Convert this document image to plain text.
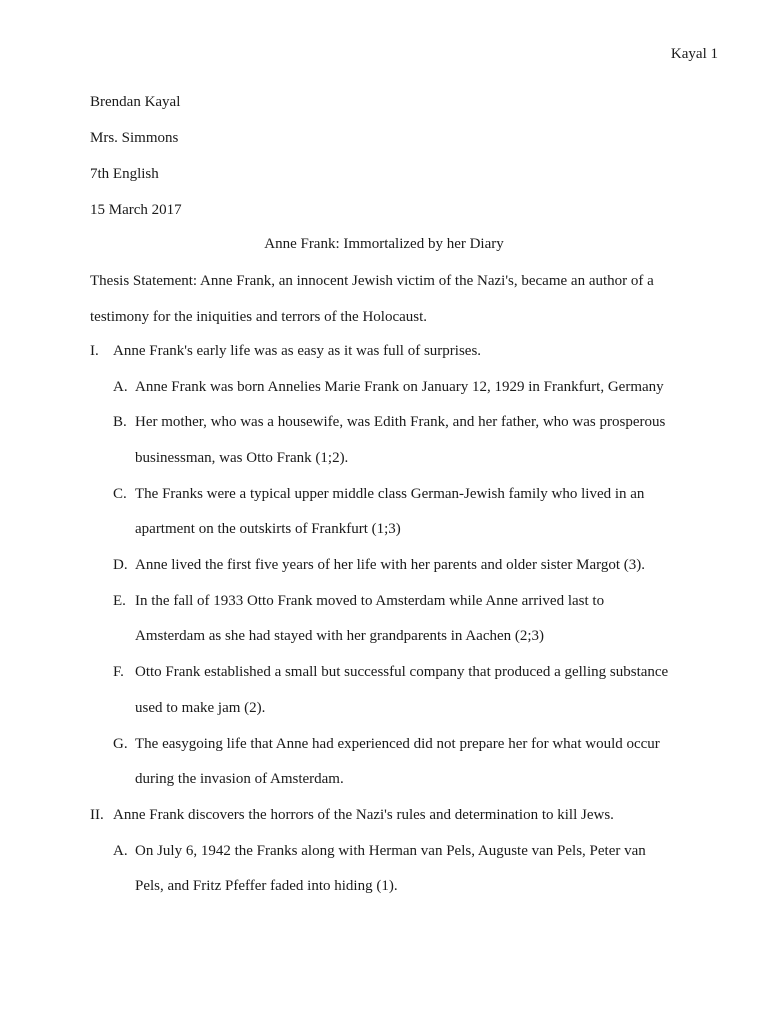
Kayal 1
Brendan Kayal
Mrs. Simmons
7th English
15 March 2017
Anne Frank: Immortalized by her Diary
Thesis Statement: Anne Frank, an innocent Jewish victim of the Nazi's, became an author of a
testimony for the iniquities and terrors of the Holocaust.
I. Anne Frank's early life was as easy as it was full of surprises.
A. Anne Frank was born Annelies Marie Frank on January 12, 1929 in Frankfurt, Germany
B. Her mother, who was a housewife, was Edith Frank, and her father, who was prosperous
businessman, was Otto Frank (1;2).
C. The Franks were a typical upper middle class German-Jewish family who lived in an
apartment on the outskirts of Frankfurt (1;3)
D. Anne lived the first five years of her life with her parents and older sister Margot (3).
E. In the fall of 1933 Otto Frank moved to Amsterdam while Anne arrived last to
Amsterdam as she had stayed with her grandparents in Aachen (2;3)
F. Otto Frank established a small but successful company that produced a gelling substance
used to make jam (2).
G. The easygoing life that Anne had experienced did not prepare her for what would occur
during the invasion of Amsterdam.
II. Anne Frank discovers the horrors of the Nazi's rules and determination to kill Jews.
A. On July 6, 1942 the Franks along with Herman van Pels, Auguste van Pels, Peter van
Pels, and Fritz Pfeffer faded into hiding (1).
